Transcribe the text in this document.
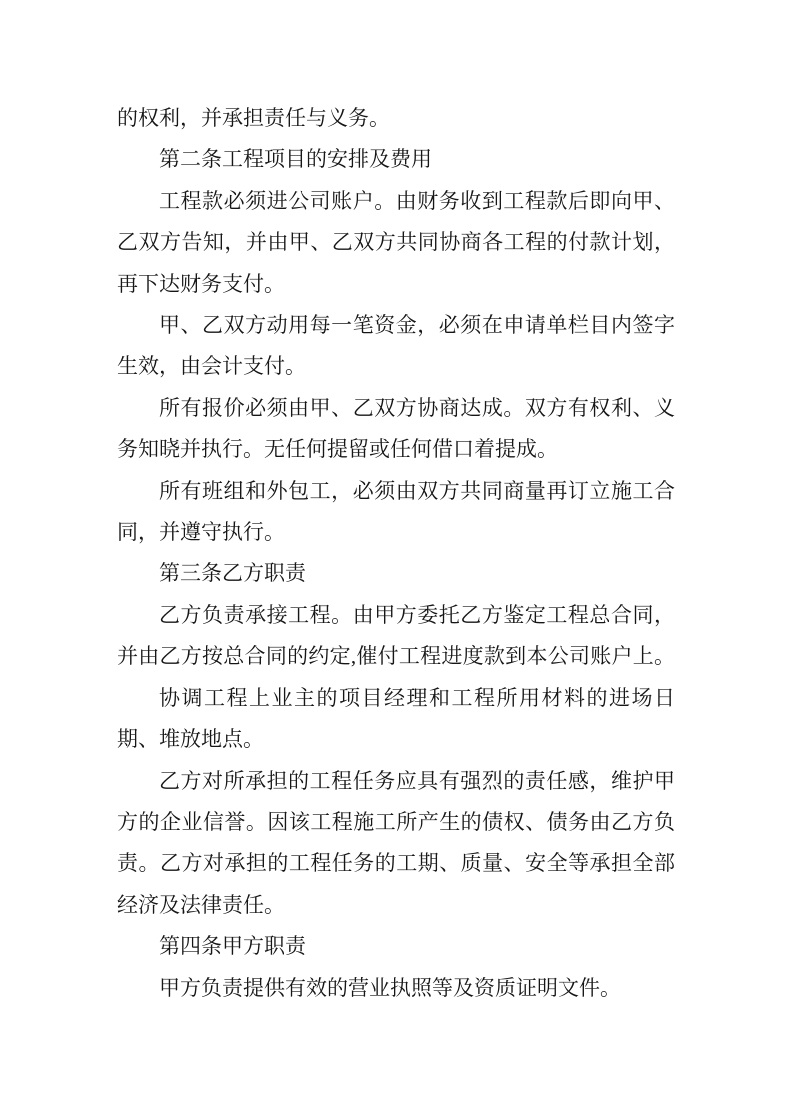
的权利，并承担责任与义务。

第二条工程项目的安排及费用

工程款必须进公司账户。由财务收到工程款后即向甲、
乙双方告知，并由甲、乙双方共同协商各工程的付款计划，
再下达财务支付。

甲、乙双方动用每一笔资金，必须在申请单栏目内签字
生效，由会计支付。

所有报价必须由甲、乙双方协商达成。双方有权利、义
务知晓并执行。无任何提留或任何借口着提成。

所有班组和外包工，必须由双方共同商量再订立施工合
同，并遵守执行。

第三条乙方职责

乙方负责承接工程。由甲方委托乙方鉴定工程总合同，
并由乙方按总合同的约定,催付工程进度款到本公司账户上。

协调工程上业主的项目经理和工程所用材料的进场日
期、堆放地点。

乙方对所承担的工程任务应具有强烈的责任感，维护甲
方的企业信誉。因该工程施工所产生的债权、债务由乙方负
责。乙方对承担的工程任务的工期、质量、安全等承担全部
经济及法律责任。

第四条甲方职责

甲方负责提供有效的营业执照等及资质证明文件。
